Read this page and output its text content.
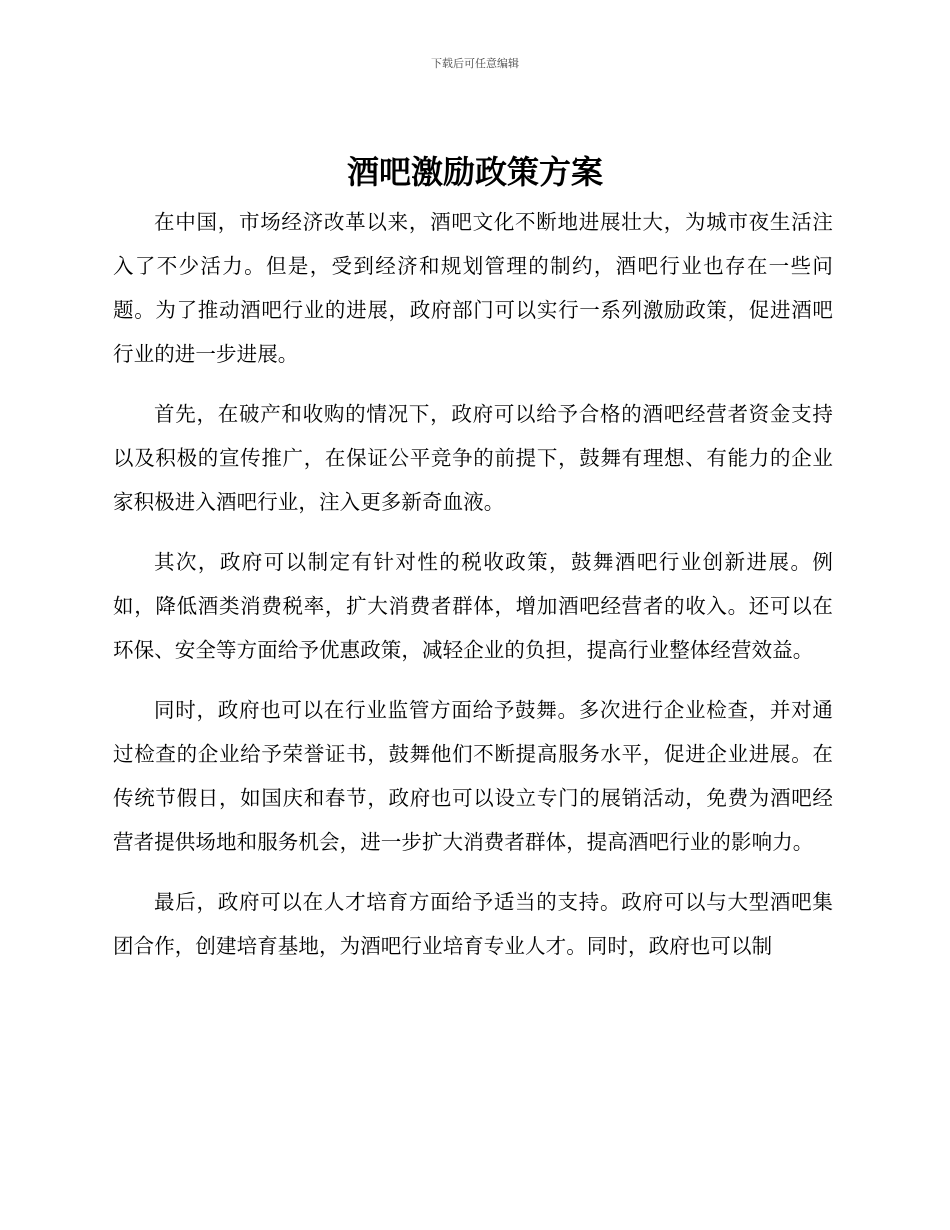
下载后可任意编辑
酒吧激励政策方案

在中国，市场经济改革以来，酒吧文化不断地进展壮大，为城市夜生活注入了不少活力。但是，受到经济和规划管理的制约，酒吧行业也存在一些问题。为了推动酒吧行业的进展，政府部门可以实行一系列激励政策，促进酒吧行业的进一步进展。

首先，在破产和收购的情况下，政府可以给予合格的酒吧经营者资金支持以及积极的宣传推广，在保证公平竞争的前提下，鼓舞有理想、有能力的企业家积极进入酒吧行业，注入更多新奇血液。

其次，政府可以制定有针对性的税收政策，鼓舞酒吧行业创新进展。例如，降低酒类消费税率，扩大消费者群体，增加酒吧经营者的收入。还可以在环保、安全等方面给予优惠政策，减轻企业的负担，提高行业整体经营效益。

同时，政府也可以在行业监管方面给予鼓舞。多次进行企业检查，并对通过检查的企业给予荣誉证书，鼓舞他们不断提高服务水平，促进企业进展。在传统节假日，如国庆和春节，政府也可以设立专门的展销活动，免费为酒吧经营者提供场地和服务机会，进一步扩大消费者群体，提高酒吧行业的影响力。

最后，政府可以在人才培育方面给予适当的支持。政府可以与大型酒吧集团合作，创建培育基地，为酒吧行业培育专业人才。同时，政府也可以制
